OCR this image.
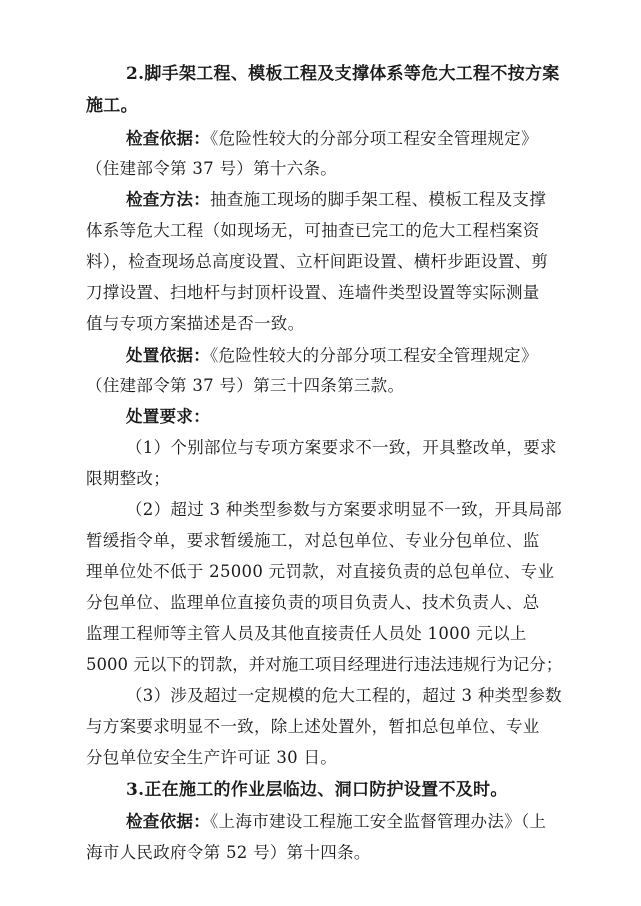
2.脚手架工程、模板工程及支撑体系等危大工程不按方案
施工。
检查依据：《危险性较大的分部分项工程安全管理规定》
（住建部令第 37 号）第十六条。
检查方法：抽查施工现场的脚手架工程、模板工程及支撑
体系等危大工程（如现场无，可抽查已完工的危大工程档案资
料），检查现场总高度设置、立杆间距设置、横杆步距设置、剪
刀撑设置、扫地杆与封顶杆设置、连墙件类型设置等实际测量
值与专项方案描述是否一致。
处置依据：《危险性较大的分部分项工程安全管理规定》
（住建部令第 37 号）第三十四条第三款。
处置要求：
（1）个别部位与专项方案要求不一致，开具整改单，要求
限期整改；
（2）超过 3 种类型参数与方案要求明显不一致，开具局部
暂缓指令单，要求暂缓施工，对总包单位、专业分包单位、监
理单位处不低于 25000 元罚款，对直接负责的总包单位、专业
分包单位、监理单位直接负责的项目负责人、技术负责人、总
监理工程师等主管人员及其他直接责任人员处 1000 元以上
5000 元以下的罚款，并对施工项目经理进行违法违规行为记分；
（3）涉及超过一定规模的危大工程的，超过 3 种类型参数
与方案要求明显不一致，除上述处置外，暂扣总包单位、专业
分包单位安全生产许可证 30 日。
3.正在施工的作业层临边、洞口防护设置不及时。
检查依据：《上海市建设工程施工安全监督管理办法》（上
海市人民政府令第 52 号）第十四条。
